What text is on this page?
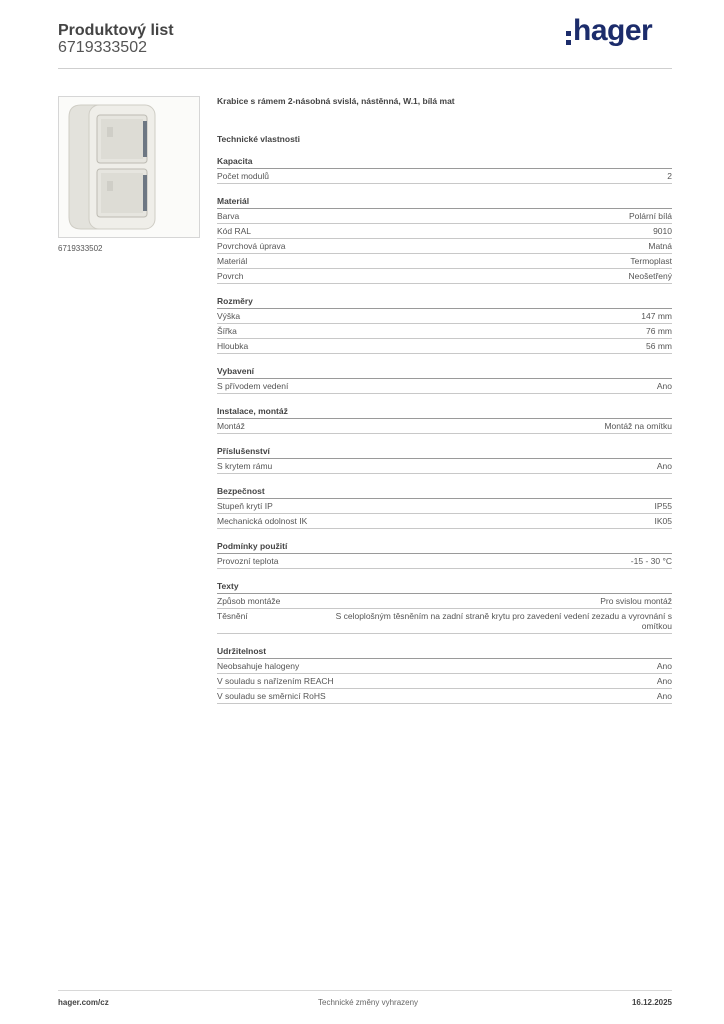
Produktový list
6719333502
hager
6719333502
Krabice s rámem 2-násobná svislá, nástěnná, W.1, bílá mat
Technické vlastnosti
Kapacita
Počet modulů	2
Materiál
Barva	Polární bílá
Kód RAL	9010
Povrchová úprava	Matná
Materiál	Termoplast
Povrch	Neošetřený
Rozměry
Výška	147 mm
Šířka	76 mm
Hloubka	56 mm
Vybavení
S přívodem vedení	Ano
Instalace, montáž
Montáž	Montáž na omítku
Příslušenství
S krytem rámu	Ano
Bezpečnost
Stupeň krytí IP	IP55
Mechanická odolnost IK	IK05
Podmínky použití
Provozní teplota	-15 - 30 °C
Texty
Způsob montáže	Pro svislou montáž
Těsnění	S celoplošným těsněním na zadní straně krytu pro zavedení vedení zezadu a vyrovnání s omítkou
Udržitelnost
Neobsahuje halogeny	Ano
V souladu s nařízením REACH	Ano
V souladu se směrnicí RoHS	Ano
hager.com/cz	Technické změny vyhrazeny	16.12.2025
